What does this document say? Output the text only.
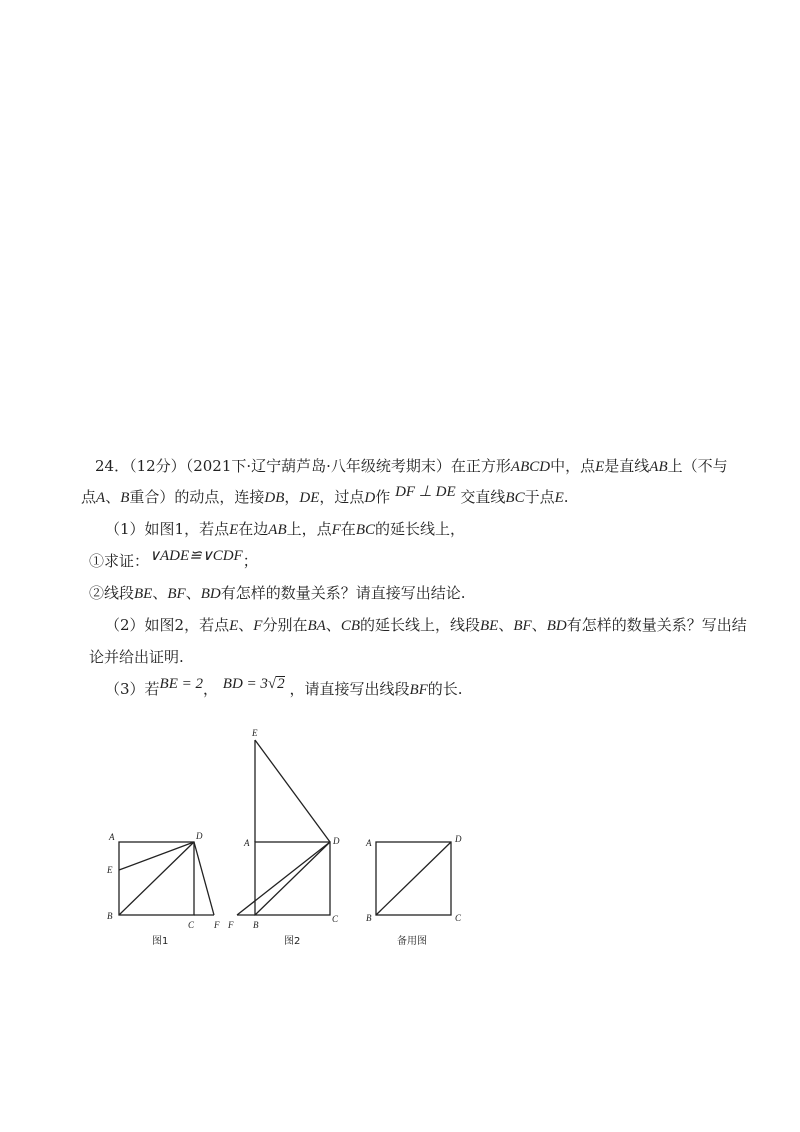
24．（12分）（2021下·辽宁葫芦岛·八年级统考期末）在正方形ABCD中，点E是直线AB上（不与
点A、B重合）的动点，连接DB，DE，过点D作 DF ⊥ DE 交直线BC于点E.
（1）如图1，若点E在边AB上，点F在BC的延长线上，
①求证：∨ADE≌∨CDF；
②线段BE、BF、BD有怎样的数量关系？请直接写出结论.
（2）如图2，若点E、F分别在BA、CB的延长线上，线段BE、BF、BD有怎样的数量关系？写出结
论并给出证明.
（3）若BE = 2， BD = 3√2 ，请直接写出线段BF的长.
A	D
E
B
C F
图1
E
A	D
F B
C
图2
A	D
B	C
备用图
